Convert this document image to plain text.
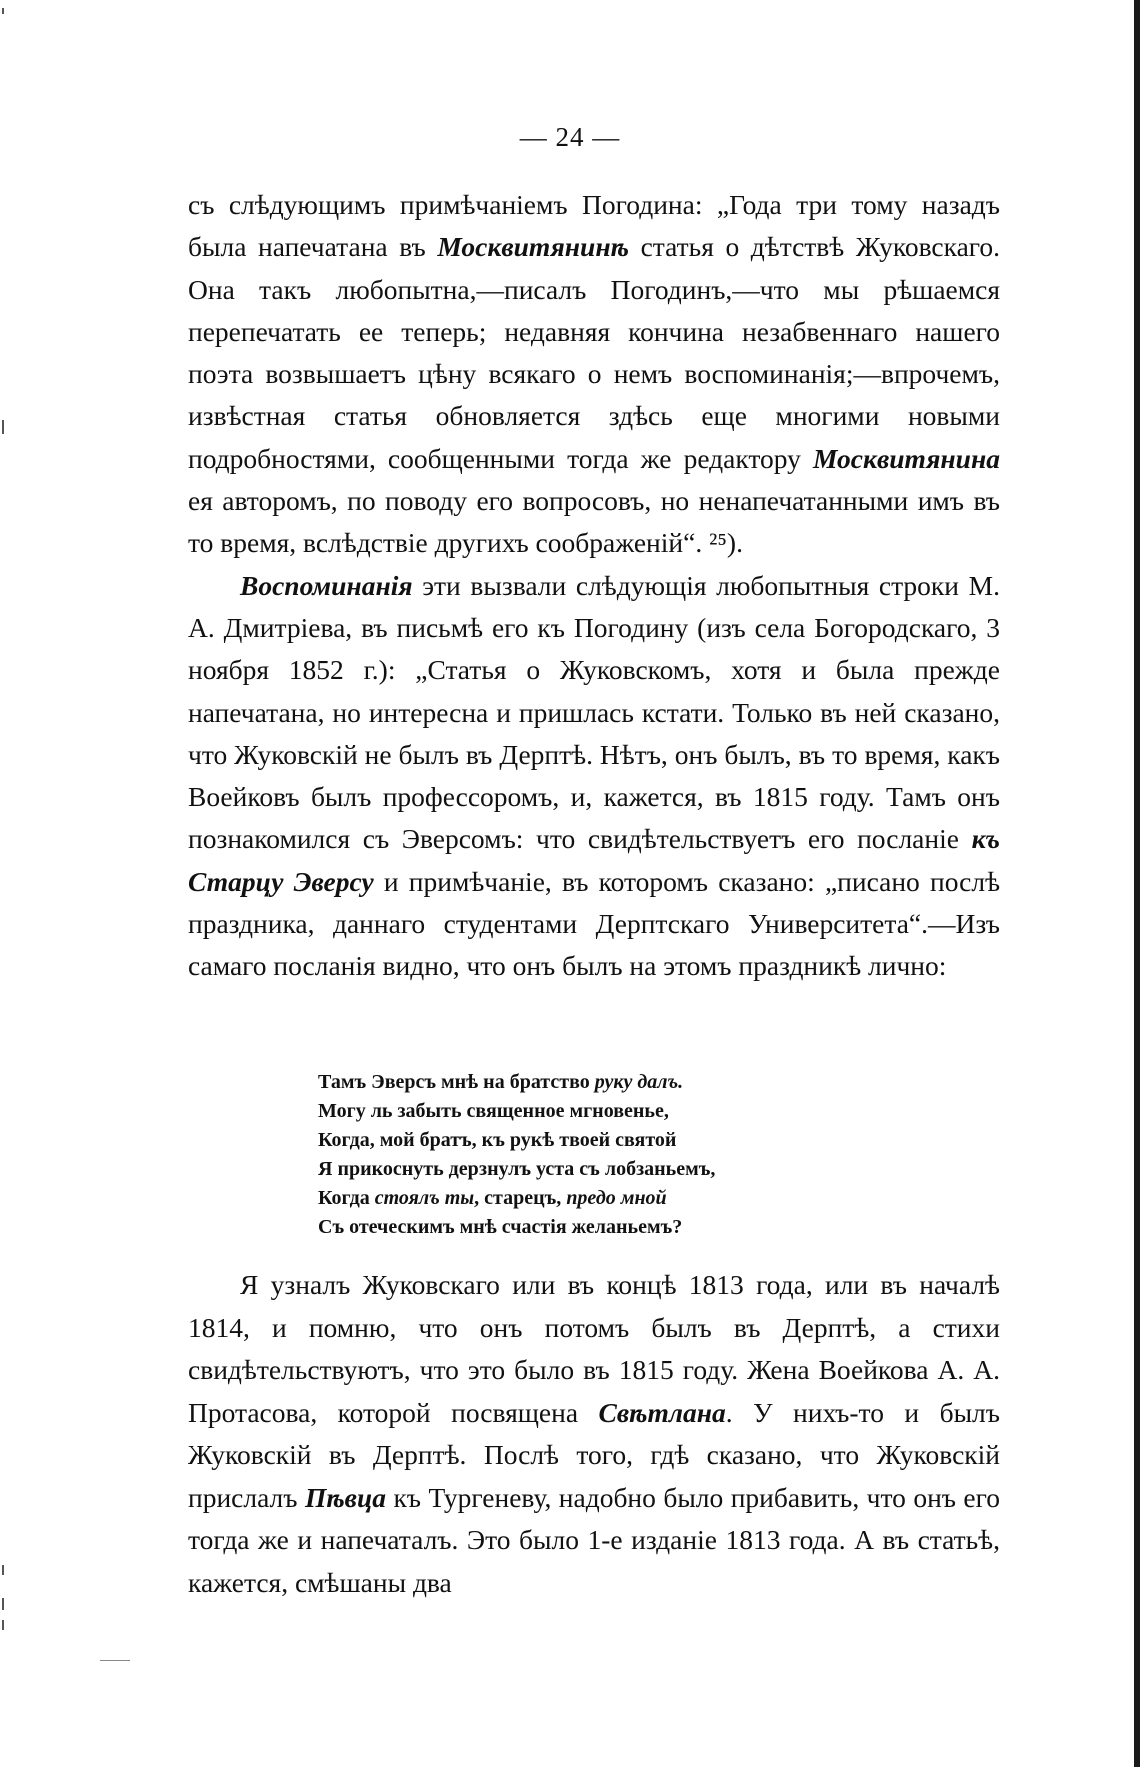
— 24 —

съ слѣдующимъ примѣчаніемъ Погодина: „Года три тому назадъ была напечатана въ Москвитянинѣ статья о дѣтствѣ Жуковскаго. Она такъ любопытна,—писалъ Погодинъ,—что мы рѣшаемся перепечатать ее теперь; недавняя кончина незабвеннаго нашего поэта возвышаетъ цѣну всякаго о немъ воспоминанія;—впрочемъ, извѣстная статья обновляется здѣсь еще многими новыми подробностями, сообщенными тогда же редактору Москвитянина ея авторомъ, по поводу его вопросовъ, но ненапечатанными имъ въ то время, вслѣдствіе другихъ соображеній“. ²⁵).

Воспоминанія эти вызвали слѣдующія любопытныя строки М. А. Дмитріева, въ письмѣ его къ Погодину (изъ села Богородскаго, 3 ноября 1852 г.): „Статья о Жуковскомъ, хотя и была прежде напечатана, но интересна и пришлась кстати. Только въ ней сказано, что Жуковскій не былъ въ Дерптѣ. Нѣтъ, онъ былъ, въ то время, какъ Воейковъ былъ профессоромъ, и, кажется, въ 1815 году. Тамъ онъ познакомился съ Эверсомъ: что свидѣтельствуетъ его посланіе къ Старцу Эверсу и примѣчаніе, въ которомъ сказано: „писано послѣ праздника, даннаго студентами Дерптскаго Университета“.—Изъ самаго посланія видно, что онъ былъ на этомъ праздникѣ лично:

Тамъ Эверсъ мнѣ на братство руку далъ.
Могу ль забыть священное мгновенье,
Когда, мой братъ, къ рукѣ твоей святой
Я прикоснуть дерзнулъ уста съ лобзаньемъ,
Когда стоялъ ты, старецъ, предо мной
Съ отеческимъ мнѣ счастія желаньемъ?
Я узналъ Жуковскаго или въ концѣ 1813 года, или въ началѣ 1814, и помню, что онъ потомъ былъ въ Дерптѣ, а стихи свидѣтельствуютъ, что это было въ 1815 году. Жена Воейкова А. А. Протасова, которой посвящена Свѣтлана. У нихъ-то и былъ Жуковскій въ Дерптѣ. Послѣ того, гдѣ сказано, что Жуковскій прислалъ Пѣвца къ Тургеневу, надобно было прибавить, что онъ его тогда же и напечаталъ. Это было 1-е изданіе 1813 года. А въ статьѣ, кажется, смѣшаны два
